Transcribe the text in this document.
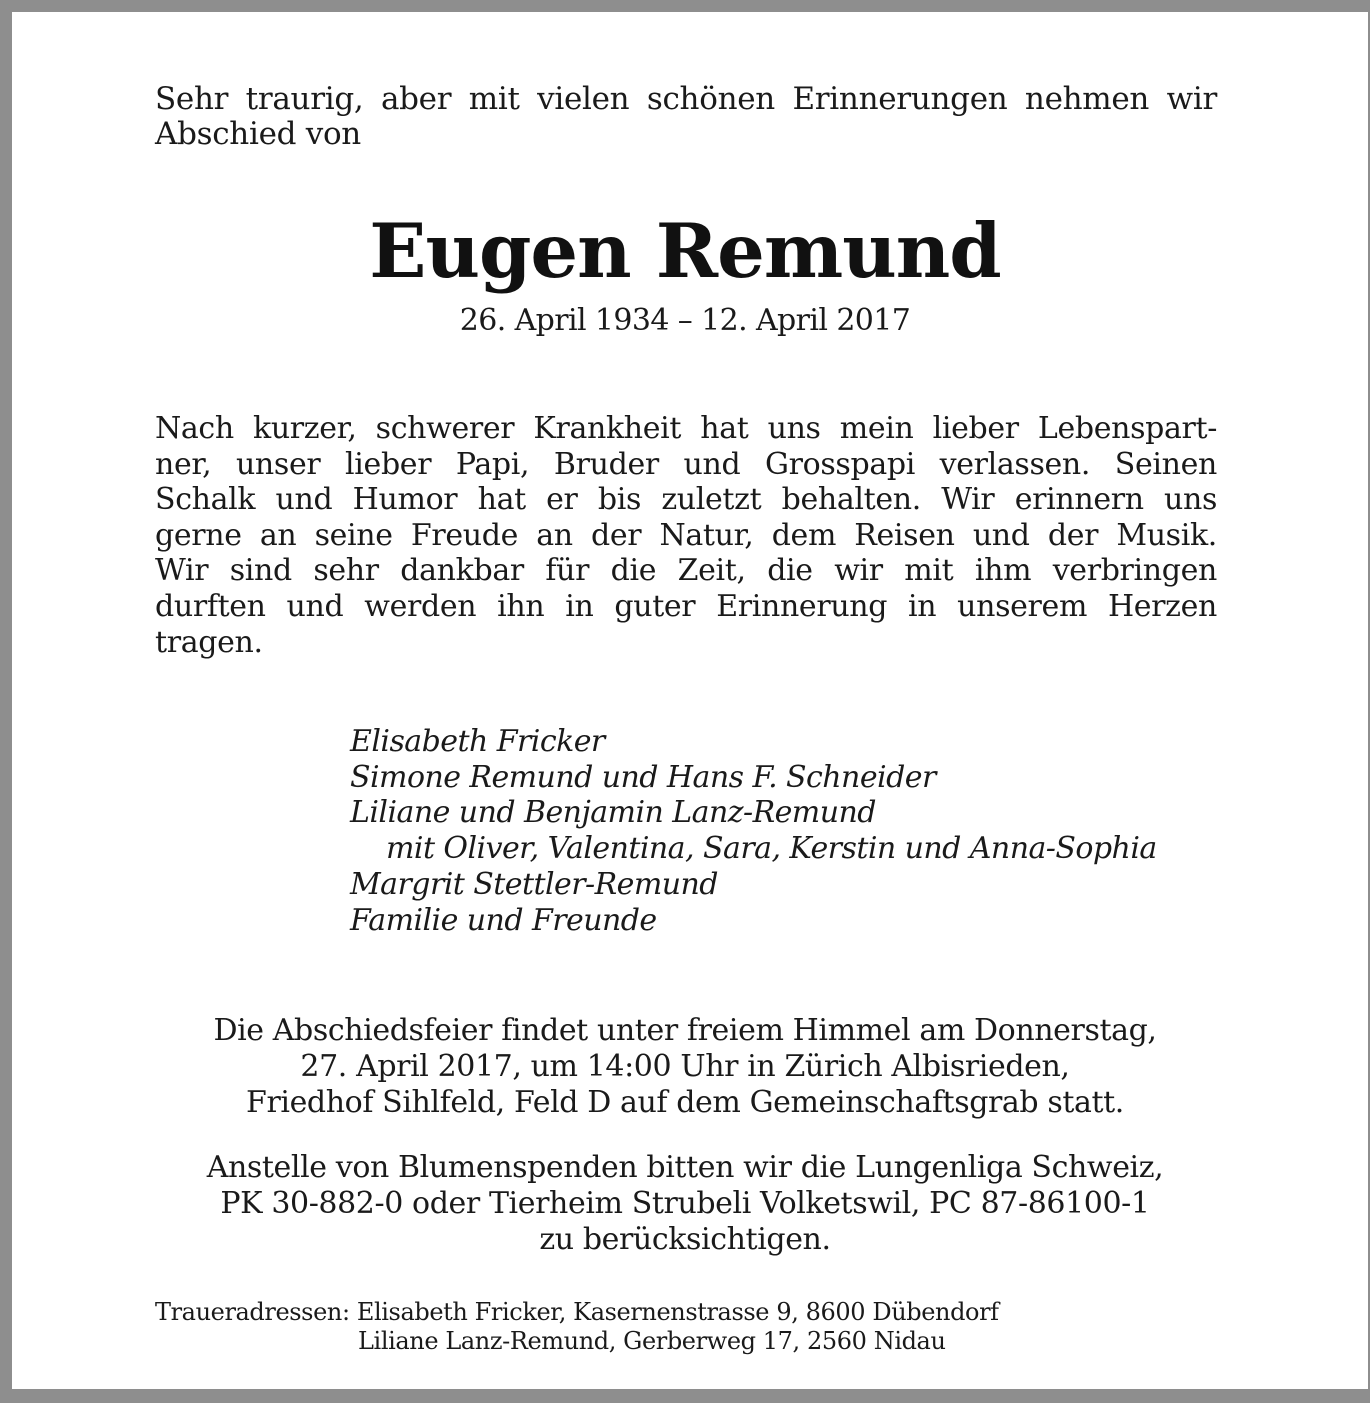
Sehr traurig, aber mit vielen schönen Erinnerungen nehmen wir Abschied von
Eugen Remund
26. April 1934 – 12. April 2017
Nach kurzer, schwerer Krankheit hat uns mein lieber Lebenspart-
ner, unser lieber Papi, Bruder und Grosspapi verlassen. Seinen
Schalk und Humor hat er bis zuletzt behalten. Wir erinnern uns
gerne an seine Freude an der Natur, dem Reisen und der Musik.
Wir sind sehr dankbar für die Zeit, die wir mit ihm verbringen
durften und werden ihn in guter Erinnerung in unserem Herzen
tragen.
Elisabeth Fricker
Simone Remund und Hans F. Schneider
Liliane und Benjamin Lanz-Remund
mit Oliver, Valentina, Sara, Kerstin und Anna-Sophia
Margrit Stettler-Remund
Familie und Freunde
Die Abschiedsfeier findet unter freiem Himmel am Donnerstag,
27. April 2017, um 14:00 Uhr in Zürich Albisrieden,
Friedhof Sihlfeld, Feld D auf dem Gemeinschaftsgrab statt.
Anstelle von Blumenspenden bitten wir die Lungenliga Schweiz,
PK 30-882-0 oder Tierheim Strubeli Volketswil, PC 87-86100-1
zu berücksichtigen.
Traueradressen: Elisabeth Fricker, Kasernenstrasse 9, 8600 Dübendorf
Liliane Lanz-Remund, Gerberweg 17, 2560 Nidau
